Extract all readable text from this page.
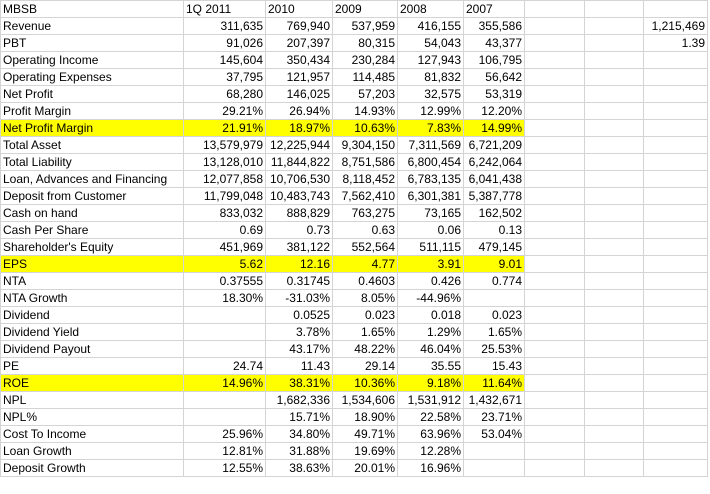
MBSB	1Q 2011	2010	2009	2008	2007			
Revenue	311,635	769,940	537,959	416,155	355,586			1,215,469
PBT	91,026	207,397	80,315	54,043	43,377			1.39
Operating Income	145,604	350,434	230,284	127,943	106,795			
Operating Expenses	37,795	121,957	114,485	81,832	56,642			
Net Profit	68,280	146,025	57,203	32,575	53,319			
Profit Margin	29.21%	26.94%	14.93%	12.99%	12.20%			
Net Profit Margin	21.91%	18.97%	10.63%	7.83%	14.99%			
Total Asset	13,579,979	12,225,944	9,304,150	7,311,569	6,721,209			
Total Liability	13,128,010	11,844,822	8,751,586	6,800,454	6,242,064			
Loan, Advances and Financing	12,077,858	10,706,530	8,118,452	6,783,135	6,041,438			
Deposit from Customer	11,799,048	10,483,743	7,562,410	6,301,381	5,387,778			
Cash on hand	833,032	888,829	763,275	73,165	162,502			
Cash Per Share	0.69	0.73	0.63	0.06	0.13			
Shareholder's Equity	451,969	381,122	552,564	511,115	479,145			
EPS	5.62	12.16	4.77	3.91	9.01			
NTA	0.37555	0.31745	0.4603	0.426	0.774			
NTA Growth	18.30%	-31.03%	8.05%	-44.96%				
Dividend		0.0525	0.023	0.018	0.023			
Dividend Yield		3.78%	1.65%	1.29%	1.65%			
Dividend Payout		43.17%	48.22%	46.04%	25.53%			
PE	24.74	11.43	29.14	35.55	15.43			
ROE	14.96%	38.31%	10.36%	9.18%	11.64%			
NPL		1,682,336	1,534,606	1,531,912	1,432,671			
NPL%		15.71%	18.90%	22.58%	23.71%			
Cost To Income	25.96%	34.80%	49.71%	63.96%	53.04%			
Loan Growth	12.81%	31.88%	19.69%	12.28%				
Deposit Growth	12.55%	38.63%	20.01%	16.96%				
